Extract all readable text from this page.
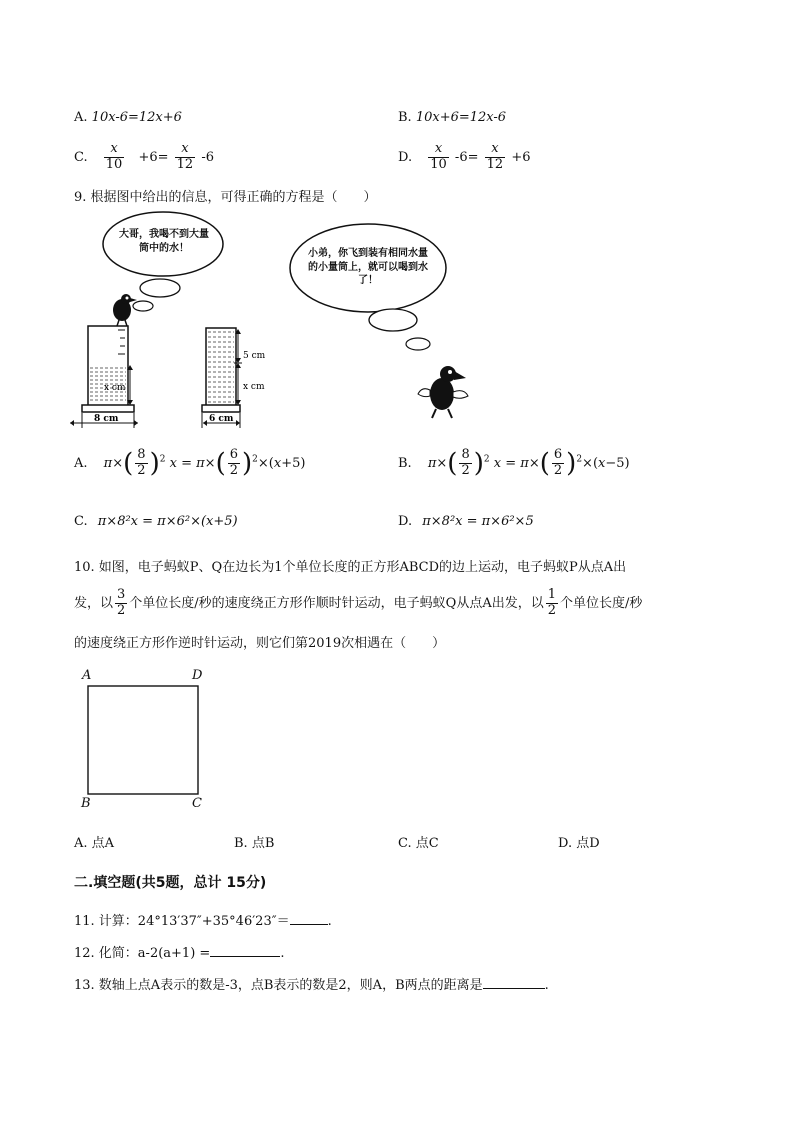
A. 10x-6=12x+6	B. 10x+6=12x-6
C. $\frac{x}{10} +6= \frac{x}{12} -6$	D. $\frac{x}{10} -6= \frac{x}{12} +6$
9. 根据图中给出的信息，可得正确的方程是（　　）
x cm
5 cm
x cm
8 cm	6 cm
大哥，我喝不到大量筒中的水！	小弟，你飞到装有相同水量的小量筒上，就可以喝到水了！
A. $\pi\times( \frac{8}{2} )^2$ $x = \pi\times( \frac{6}{2} )^2\times(x+5)$	B. $\pi\times( \frac{8}{2} )^2$ $x = \pi\times( \frac{6}{2} )^2\times(x-5)$
C. π×8²x = π×6²×(x+5)	D. π×8²x = π×6²×5
10. 如图，电子蚂蚁P、Q在边长为1个单位长度的正方形ABCD的边上运动，电子蚂蚁P从点A出
发，以 $\frac{3}{2}$ 个单位长度/秒的速度绕正方形作顺时针运动，电子蚂蚁Q从点A出发，以 $\frac{1}{2}$ 个单位长度/秒
的速度绕正方形作逆时针运动，则它们第2019次相遇在（　　）
A	D
B	C
A. 点A	B. 点B	C. 点C	D. 点D
二.填空题(共5题，总计 15分)
11. 计算：24°13′37″+35°46′23″＝	.
12. 化简：a-2(a+1) =	.
13. 数轴上点A表示的数是-3，点B表示的数是2，则A，B两点的距离是	.
